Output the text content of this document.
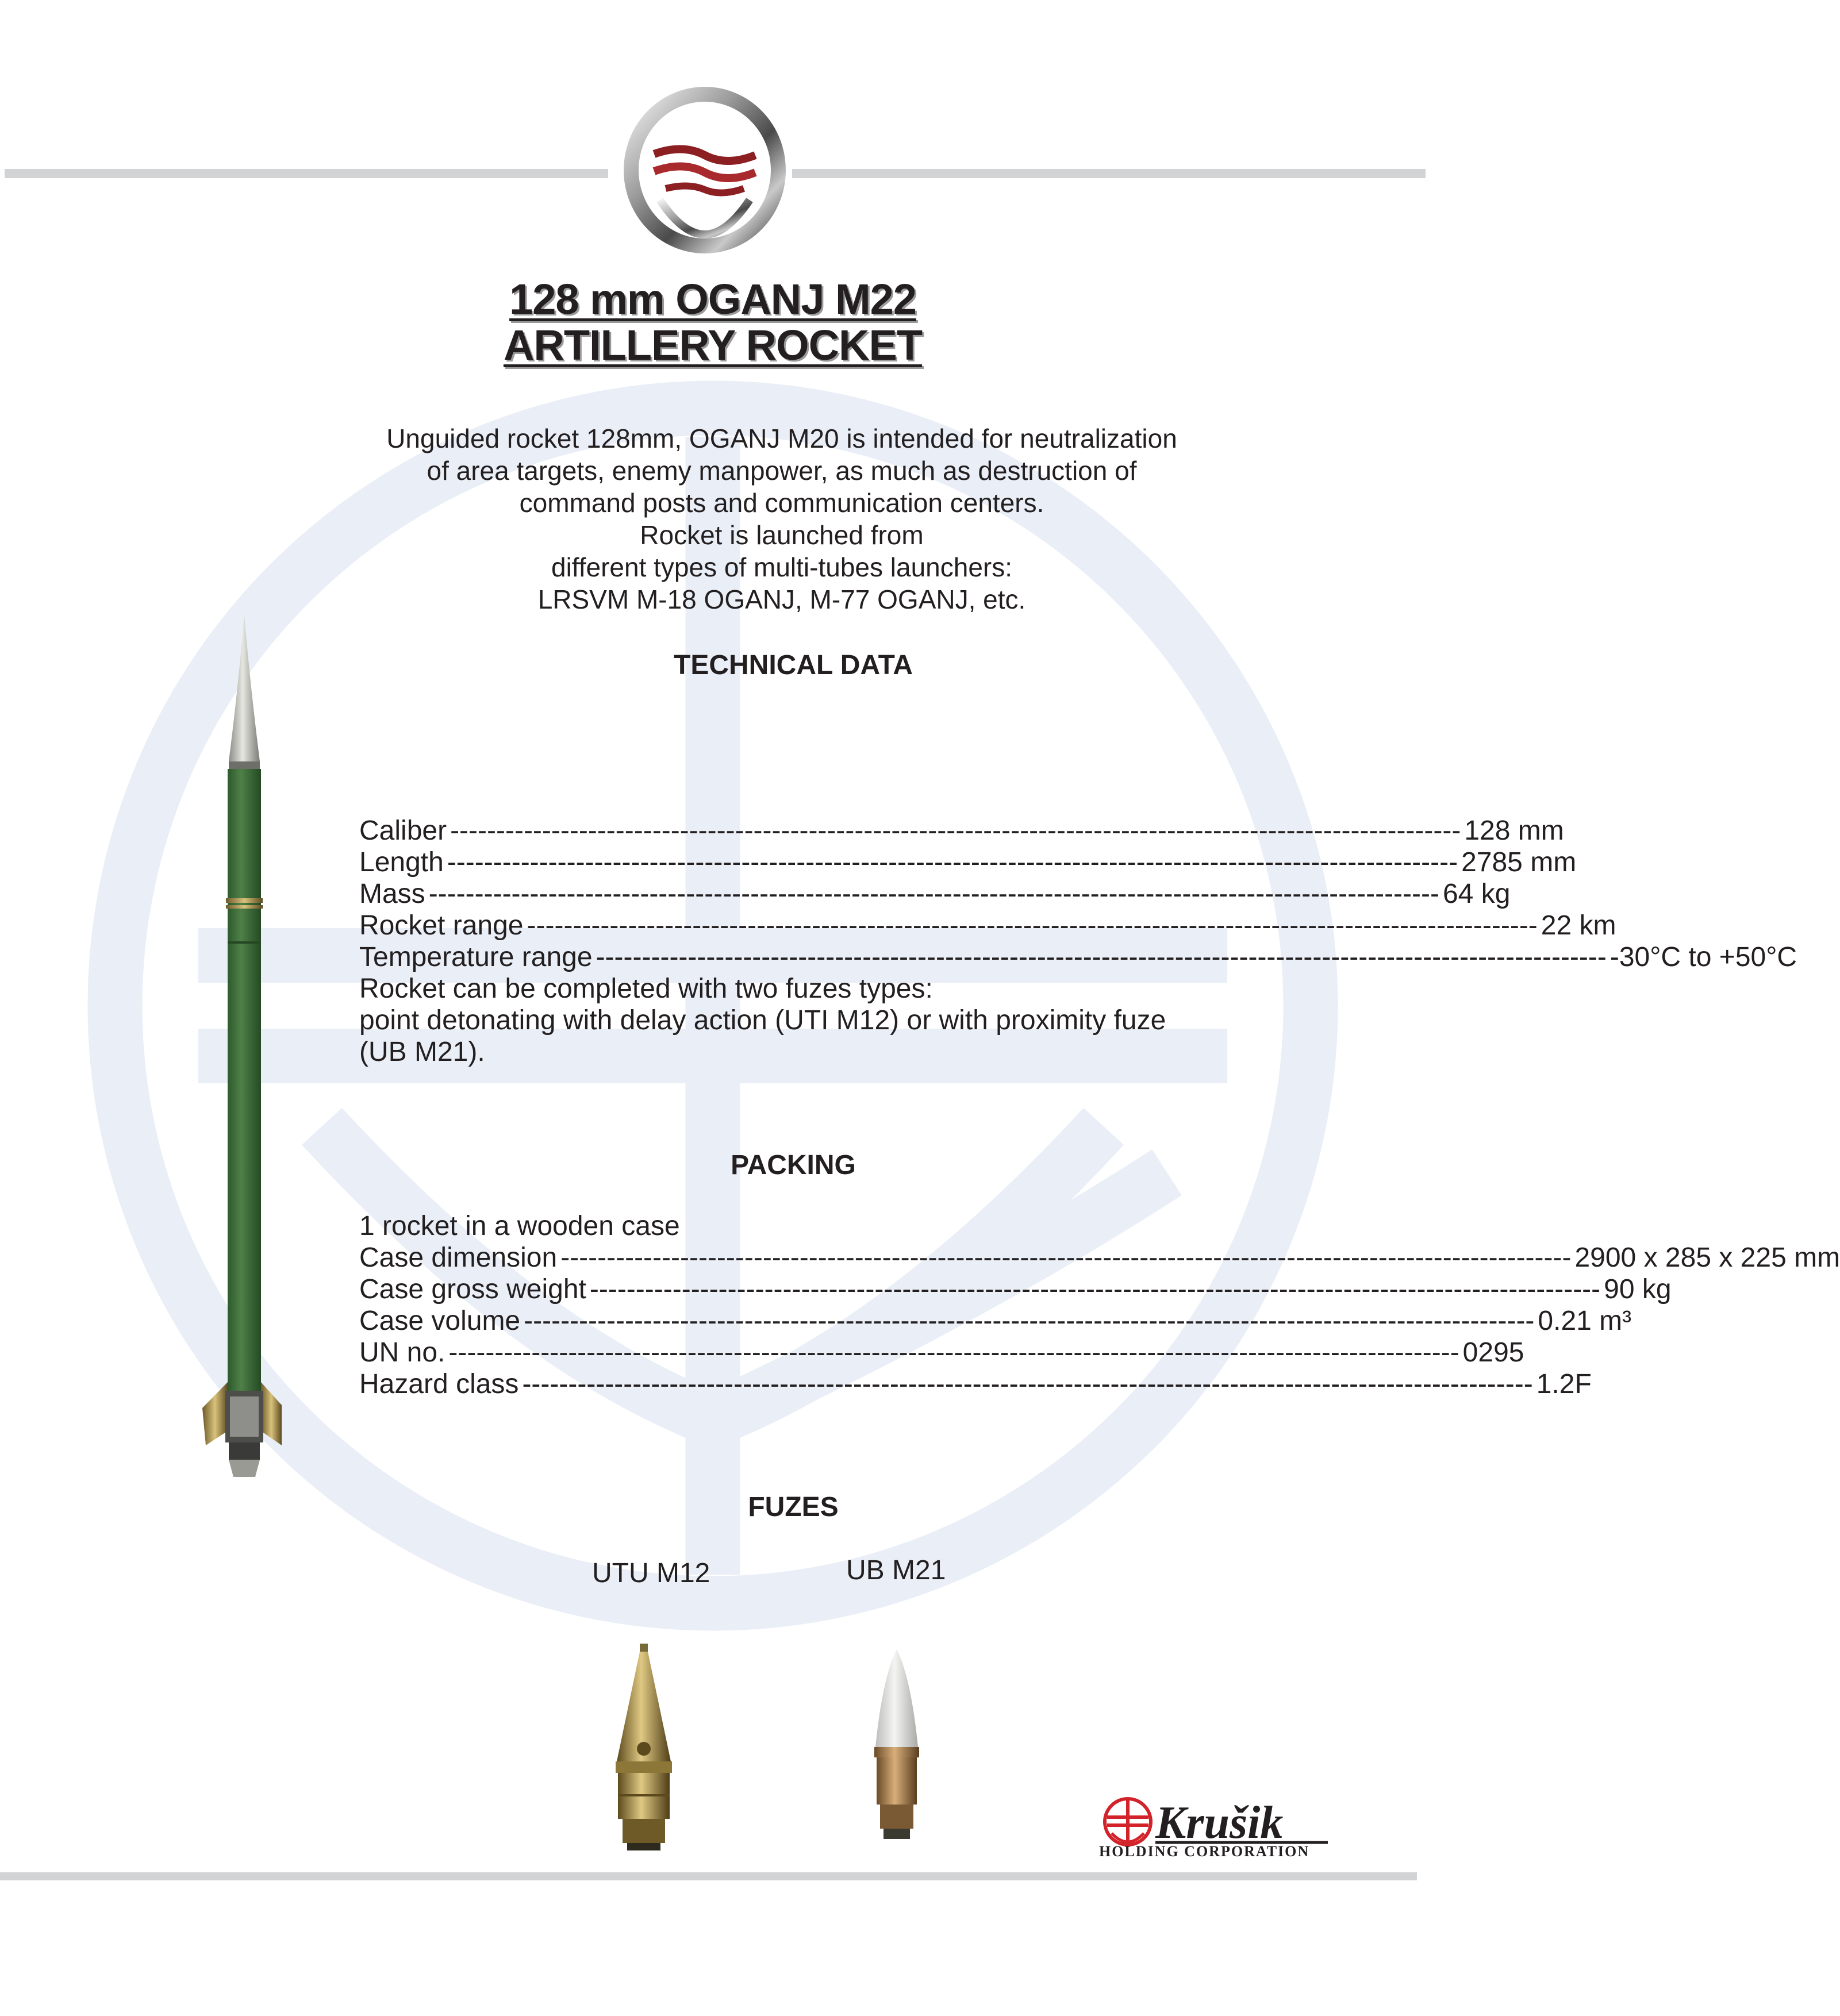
128 mm OGANJ M22
ARTILLERY ROCKET
Unguided rocket 128mm, OGANJ M20 is intended for neutralization
of area targets, enemy manpower, as much as destruction of
command posts and communication centers.
Rocket is launched from
different types of multi-tubes launchers:
LRSVM M-18 OGANJ, M-77 OGANJ, etc.
TECHNICAL DATA
Caliber -------------------------------------------------------------------------------------------------------------- 128 mm
Length -------------------------------------------------------------------------------------------------------------- 2785 mm
Mass -------------------------------------------------------------------------------------------------------------- 64 kg
Rocket range -------------------------------------------------------------------------------------------------------------- 22 km
Temperature range -------------------------------------------------------------------------------------------------------------- -30°C to +50°C
Rocket can be completed with two fuzes types:
point detonating with delay action (UTI M12) or with proximity fuze
(UB M21).
PACKING
1 rocket in a wooden case
Case dimension -------------------------------------------------------------------------------------------------------------- 2900 x 285 x 225 mm
Case gross weight -------------------------------------------------------------------------------------------------------------- 90 kg
Case volume -------------------------------------------------------------------------------------------------------------- 0.21 m³
UN no. -------------------------------------------------------------------------------------------------------------- 0295
Hazard class -------------------------------------------------------------------------------------------------------------- 1.2F
FUZES
UTU M12	UB M21
Krušik
HOLDING CORPORATION
